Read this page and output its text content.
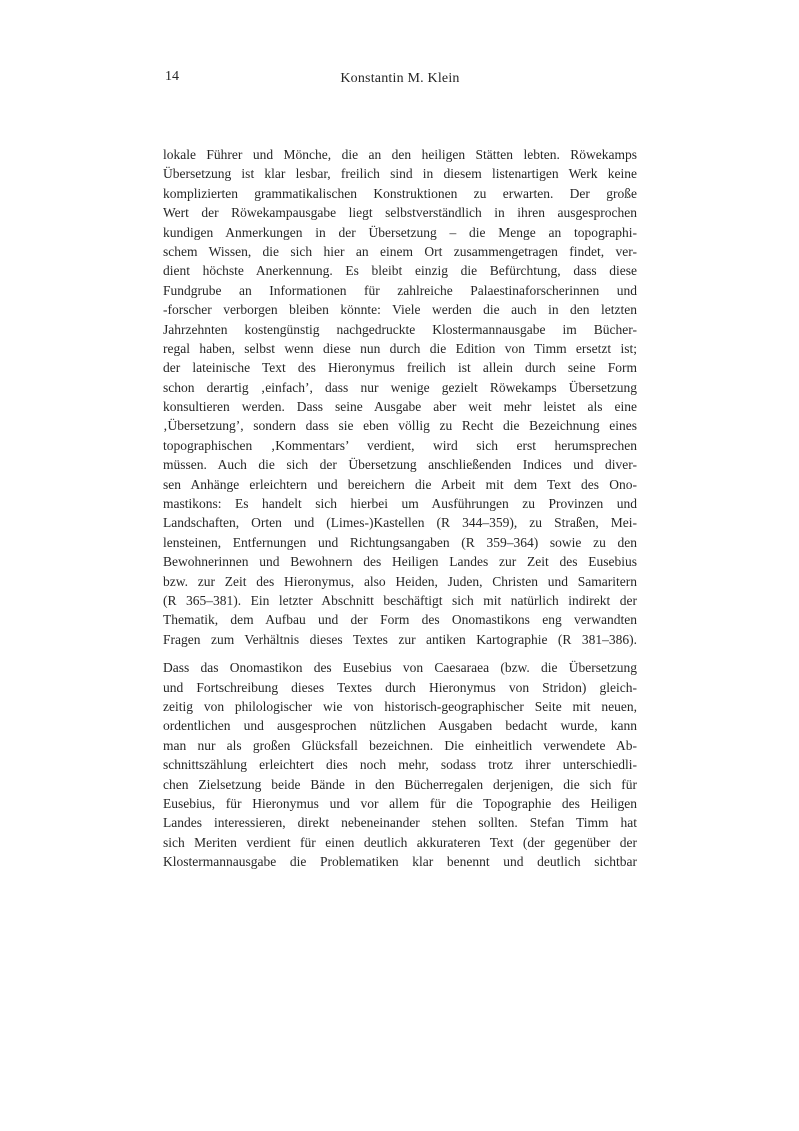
14	Konstantin M. Klein
lokale Führer und Mönche, die an den heiligen Stätten lebten. Röwekamps
Übersetzung ist klar lesbar, freilich sind in diesem listenartigen Werk keine
komplizierten grammatikalischen Konstruktionen zu erwarten. Der große
Wert der Röwekampausgabe liegt selbstverständlich in ihren ausgesprochen
kundigen Anmerkungen in der Übersetzung – die Menge an topographi-
schem Wissen, die sich hier an einem Ort zusammengetragen findet, ver-
dient höchste Anerkennung. Es bleibt einzig die Befürchtung, dass diese
Fundgrube an Informationen für zahlreiche Palaestinaforscherinnen und
-forscher verborgen bleiben könnte: Viele werden die auch in den letzten
Jahrzehnten kostengünstig nachgedruckte Klostermannausgabe im Bücher-
regal haben, selbst wenn diese nun durch die Edition von Timm ersetzt ist;
der lateinische Text des Hieronymus freilich ist allein durch seine Form
schon derartig ‚einfach’, dass nur wenige gezielt Röwekamps Übersetzung
konsultieren werden. Dass seine Ausgabe aber weit mehr leistet als eine
‚Übersetzung’, sondern dass sie eben völlig zu Recht die Bezeichnung eines
topographischen ‚Kommentars’ verdient, wird sich erst herumsprechen
müssen. Auch die sich der Übersetzung anschließenden Indices und diver-
sen Anhänge erleichtern und bereichern die Arbeit mit dem Text des Ono-
mastikons: Es handelt sich hierbei um Ausführungen zu Provinzen und
Landschaften, Orten und (Limes-)Kastellen (R 344–359), zu Straßen, Mei-
lensteinen, Entfernungen und Richtungsangaben (R 359–364) sowie zu den
Bewohnerinnen und Bewohnern des Heiligen Landes zur Zeit des Eusebius
bzw. zur Zeit des Hieronymus, also Heiden, Juden, Christen und Samaritern
(R 365–381). Ein letzter Abschnitt beschäftigt sich mit natürlich indirekt der
Thematik, dem Aufbau und der Form des Onomastikons eng verwandten
Fragen zum Verhältnis dieses Textes zur antiken Kartographie (R 381–386).
Dass das Onomastikon des Eusebius von Caesaraea (bzw. die Übersetzung
und Fortschreibung dieses Textes durch Hieronymus von Stridon) gleich-
zeitig von philologischer wie von historisch-geographischer Seite mit neuen,
ordentlichen und ausgesprochen nützlichen Ausgaben bedacht wurde, kann
man nur als großen Glücksfall bezeichnen. Die einheitlich verwendete Ab-
schnittszählung erleichtert dies noch mehr, sodass trotz ihrer unterschiedli-
chen Zielsetzung beide Bände in den Bücherregalen derjenigen, die sich für
Eusebius, für Hieronymus und vor allem für die Topographie des Heiligen
Landes interessieren, direkt nebeneinander stehen sollten. Stefan Timm hat
sich Meriten verdient für einen deutlich akkurateren Text (der gegenüber der
Klostermannausgabe die Problematiken klar benennt und deutlich sichtbar
